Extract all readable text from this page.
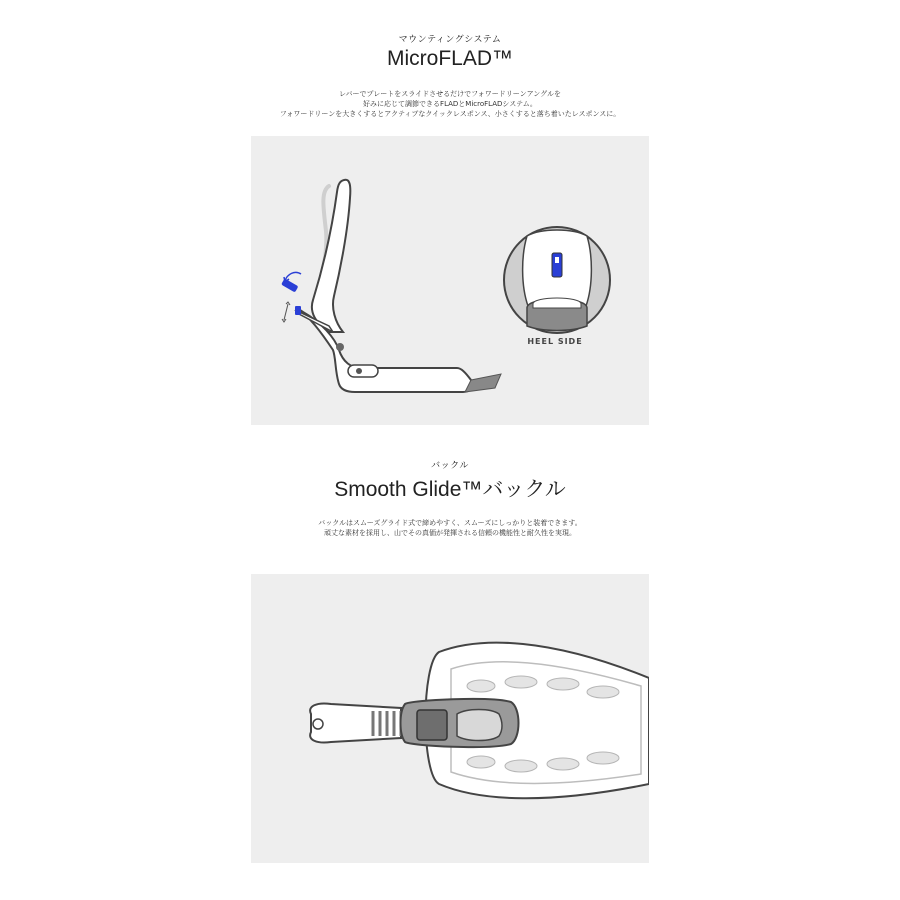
マウンティングシステム
MicroFLAD™
レバーでプレートをスライドさせるだけでフォワードリーンアングルを
好みに応じて調節できるFLADとMicroFLADシステム。
フォワードリーンを大きくするとアクティブなクイックレスポンス、小さくすると落ち着いたレスポンスに。
HEEL SIDE
バックル
Smooth Glide™バックル
バックルはスムーズグライド式で締めやすく、スムーズにしっかりと装着できます。
頑丈な素材を採用し、山でその真価が発揮される信頼の機能性と耐久性を実現。
